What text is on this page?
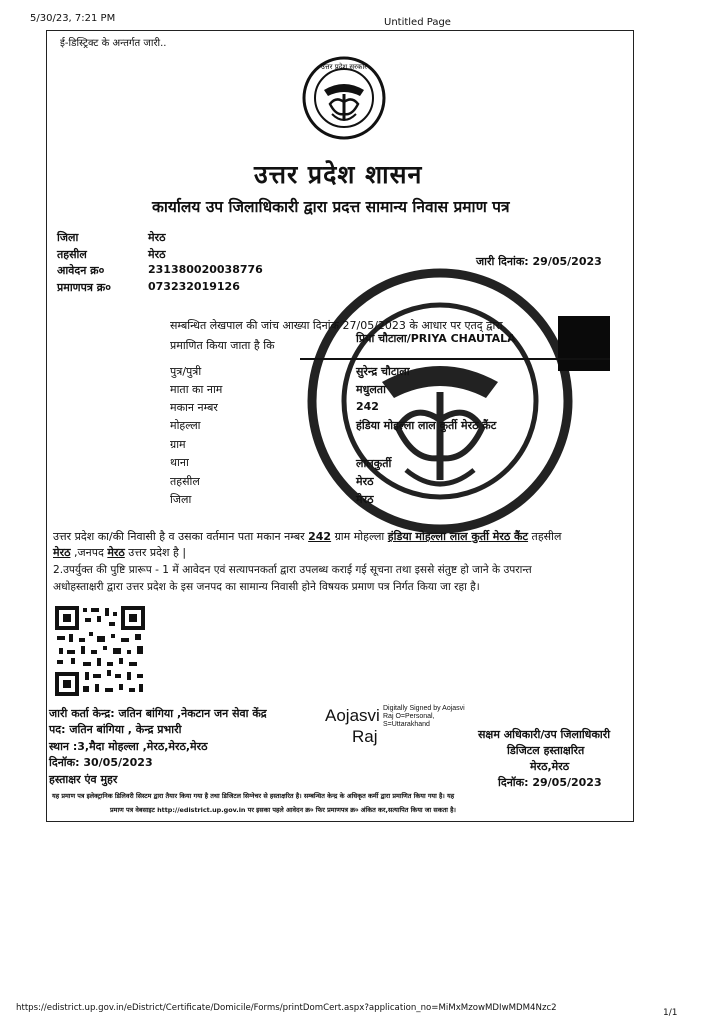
5/30/23, 7:21 PM	Untitled Page
ई-डिस्ट्रिक्ट के अन्तर्गत जारी..
उत्तर प्रदेश सरकार
उत्तर प्रदेश शासन
कार्यालय उप जिलाधिकारी द्वारा प्रदत्त सामान्य निवास प्रमाण पत्र
जिला	मेरठ
तहसील	मेरठ
आवेदन क्र०	231380020038776
प्रमाणपत्र क्र०	073232019126
जारी दिनांक: 29/05/2023
सम्बन्धित लेखपाल की जांच आख्या दिनांक 27/05/2023 के आधार पर एतद् द्वारा
प्रमाणित किया जाता है कि
प्रिया चौटाला/PRIYA CHAUTALA
पुत्र/पुत्री	सुरेन्द्र चौटाला
माता का नाम	मधुलता
मकान नम्बर	242
मोहल्ला	हंडिया मोहल्ला लाल कुर्ती मेरठ कैंट
ग्राम
थाना	लालकुर्ती
तहसील	मेरठ
जिला	मेरठ
उत्तर प्रदेश का/की निवासी है व उसका वर्तमान पता मकान नम्बर 242 ग्राम मोहल्ला हंडिया मोहल्ला लाल कुर्ती मेरठ कैंट तहसील
मेरठ ,जनपद मेरठ उत्तर प्रदेश है |
2.उपर्युक्त की पुष्टि प्रारूप - 1 में आवेदन एवं सत्यापनकर्ता द्वारा उपलब्ध कराई गई सूचना तथा इससे संतुष्ट हो जाने के उपरान्त
अधोहस्ताक्षरी द्वारा उत्तर प्रदेश के इस जनपद का सामान्य निवासी होने विषयक प्रमाण पत्र निर्गत किया जा रहा है।
जारी कर्ता केन्द्र: जतिन बांगिया ,नेकटान जन सेवा केंद्र
पद: जतिन बांगिया , केन्द्र प्रभारी
स्थान :3,मैदा मोहल्ला ,मेरठ,मेरठ,मेरठ
दिनॉक: 30/05/2023
हस्ताक्षर एंव मुहर
Aojasvi
Raj
Digitally Signed by Aojasvi
Raj O=Personal,
S=Uttarakhand
सक्षम अधिकारी/उप जिलाधिकारी
डिजिटल हस्ताक्षरित
मेरठ,मेरठ
दिनॉक: 29/05/2023
यह प्रमाण पत्र इलेक्ट्रानिक डिलिवरी सिस्टम द्वारा तैयार किया गया है तथा डिजिटल सिग्नेचर से हस्ताक्षरित है। सम्बन्धित केन्द्र के अधिकृत कर्मी द्वारा प्रमाणित किया गया है। यह
प्रमाण पत्र वेबसाइट http://edistrict.up.gov.in पर इसका पहले आवेदन क्र० फिर प्रमाणपत्र क्र० अंकित कर,सत्यापित किया जा सकता है।
https://edistrict.up.gov.in/eDistrict/Certificate/Domicile/Forms/printDomCert.aspx?application_no=MiMxMzowMDIwMDM4Nzc2	1/1
